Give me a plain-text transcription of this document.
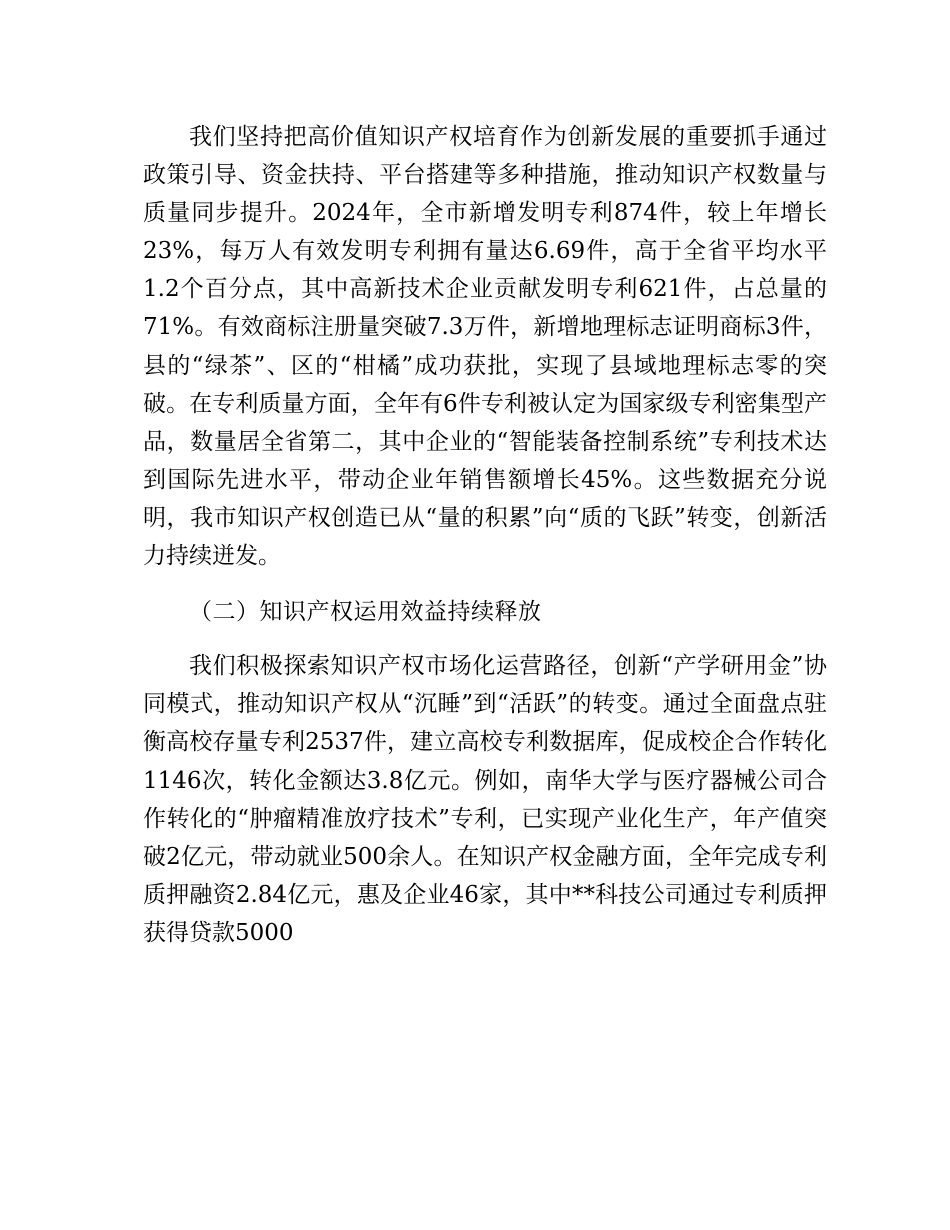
我们坚持把高价值知识产权培育作为创新发展的重要抓手通过政策引导、资金扶持、平台搭建等多种措施，推动知识产权数量与质量同步提升。2024年，全市新增发明专利874件，较上年增长23%，每万人有效发明专利拥有量达6.69件，高于全省平均水平1.2个百分点，其中高新技术企业贡献发明专利621件，占总量的71%。有效商标注册量突破7.3万件，新增地理标志证明商标3件，县的“绿茶”、区的“柑橘”成功获批，实现了县域地理标志零的突破。在专利质量方面，全年有6件专利被认定为国家级专利密集型产品，数量居全省第二，其中企业的“智能装备控制系统”专利技术达到国际先进水平，带动企业年销售额增长45%。这些数据充分说明，我市知识产权创造已从“量的积累”向“质的飞跃”转变，创新活力持续迸发。

（二）知识产权运用效益持续释放

我们积极探索知识产权市场化运营路径，创新“产学研用金”协同模式，推动知识产权从“沉睡”到“活跃”的转变。通过全面盘点驻衡高校存量专利2537件，建立高校专利数据库，促成校企合作转化1146次，转化金额达3.8亿元。例如，南华大学与医疗器械公司合作转化的“肿瘤精准放疗技术”专利，已实现产业化生产，年产值突破2亿元，带动就业500余人。在知识产权金融方面，全年完成专利质押融资2.84亿元，惠及企业46家，其中**科技公司通过专利质押获得贷款5000
